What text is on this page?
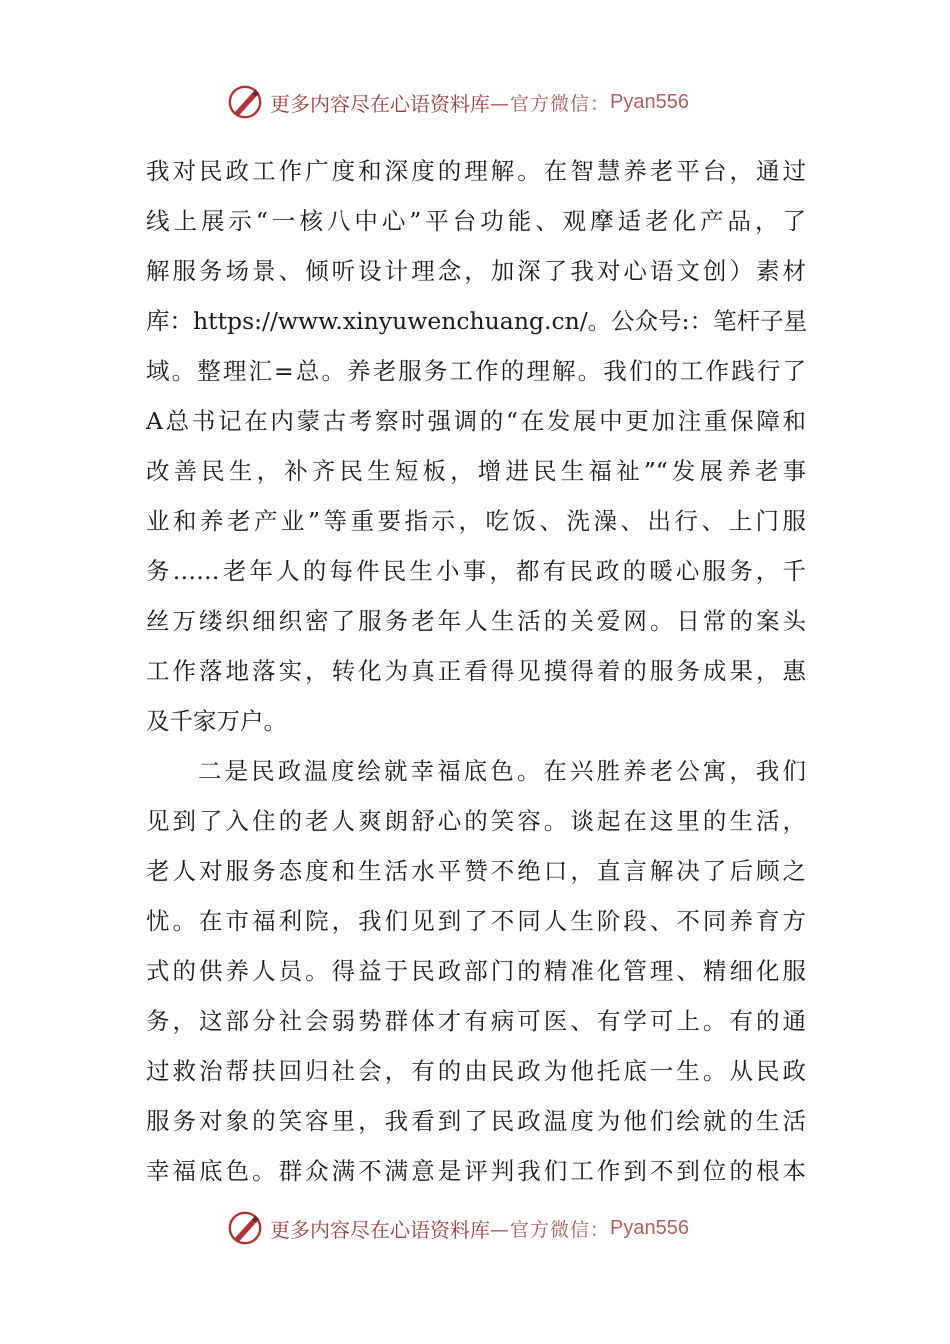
更多内容尽在心语资料库 —官方微信： Pyan556
我对民政工作广度和深度的理解。在智慧养老平台，通过
线上展示“一核八中心”平台功能、观摩适老化产品，了
解服务场景、倾听设计理念，加深了我对心语文创）素材
库：https://www.xinyuwenchuang.cn/。公众号:：笔杆子星
域。整理汇=总。养老服务工作的理解。我们的工作践行了
A总书记在内蒙古考察时强调的“在发展中更加注重保障和
改善民生，补齐民生短板，增进民生福祉”“发展养老事
业和养老产业”等重要指示，吃饭、洗澡、出行、上门服
务……老年人的每件民生小事，都有民政的暖心服务，千
丝万缕织细织密了服务老年人生活的关爱网。日常的案头
工作落地落实，转化为真正看得见摸得着的服务成果，惠
及千家万户。
二是民政温度绘就幸福底色。在兴胜养老公寓，我们
见到了入住的老人爽朗舒心的笑容。谈起在这里的生活，
老人对服务态度和生活水平赞不绝口，直言解决了后顾之
忧。在市福利院，我们见到了不同人生阶段、不同养育方
式的供养人员。得益于民政部门的精准化管理、精细化服
务，这部分社会弱势群体才有病可医、有学可上。有的通
过救治帮扶回归社会，有的由民政为他托底一生。从民政
服务对象的笑容里，我看到了民政温度为他们绘就的生活
幸福底色。群众满不满意是评判我们工作到不到位的根本
更多内容尽在心语资料库 —官方微信： Pyan556
